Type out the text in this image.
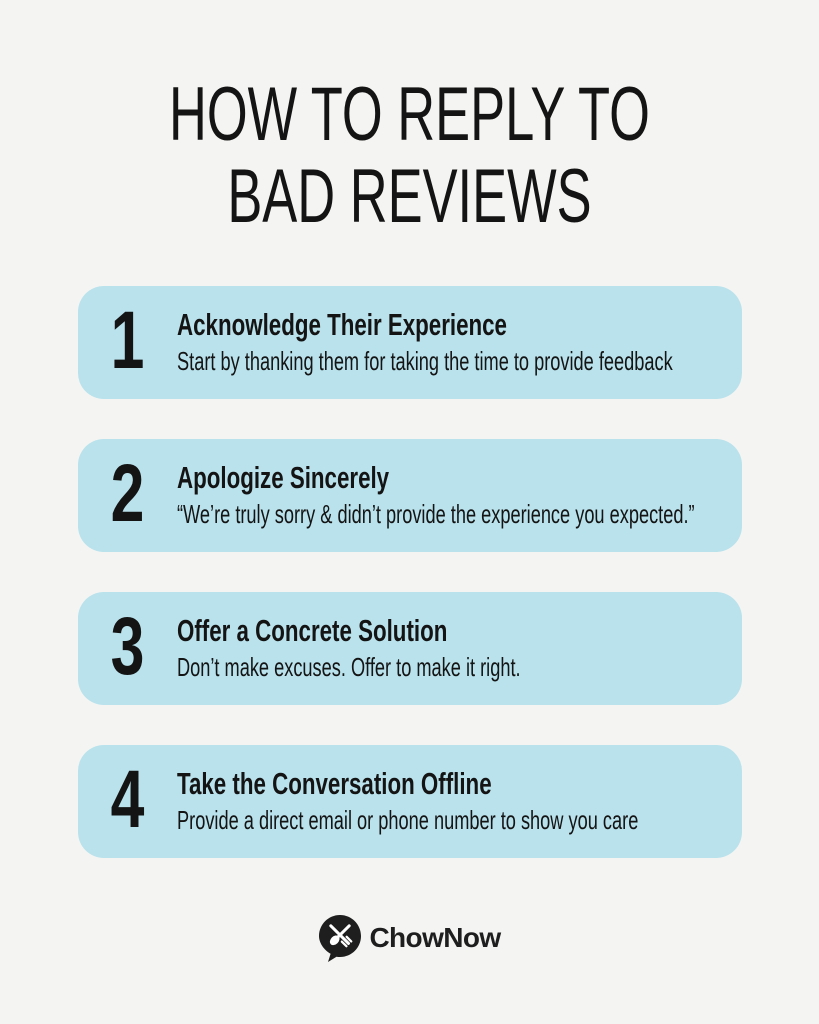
HOW TO REPLY TO
BAD REVIEWS
1	Acknowledge Their Experience
Start by thanking them for taking the time to provide feedback
2	Apologize Sincerely
“We’re truly sorry & didn’t provide the experience you expected.”
3	Offer a Concrete Solution
Don’t make excuses. Offer to make it right.
4	Take the Conversation Offline
Provide a direct email or phone number to show you care
ChowNow
